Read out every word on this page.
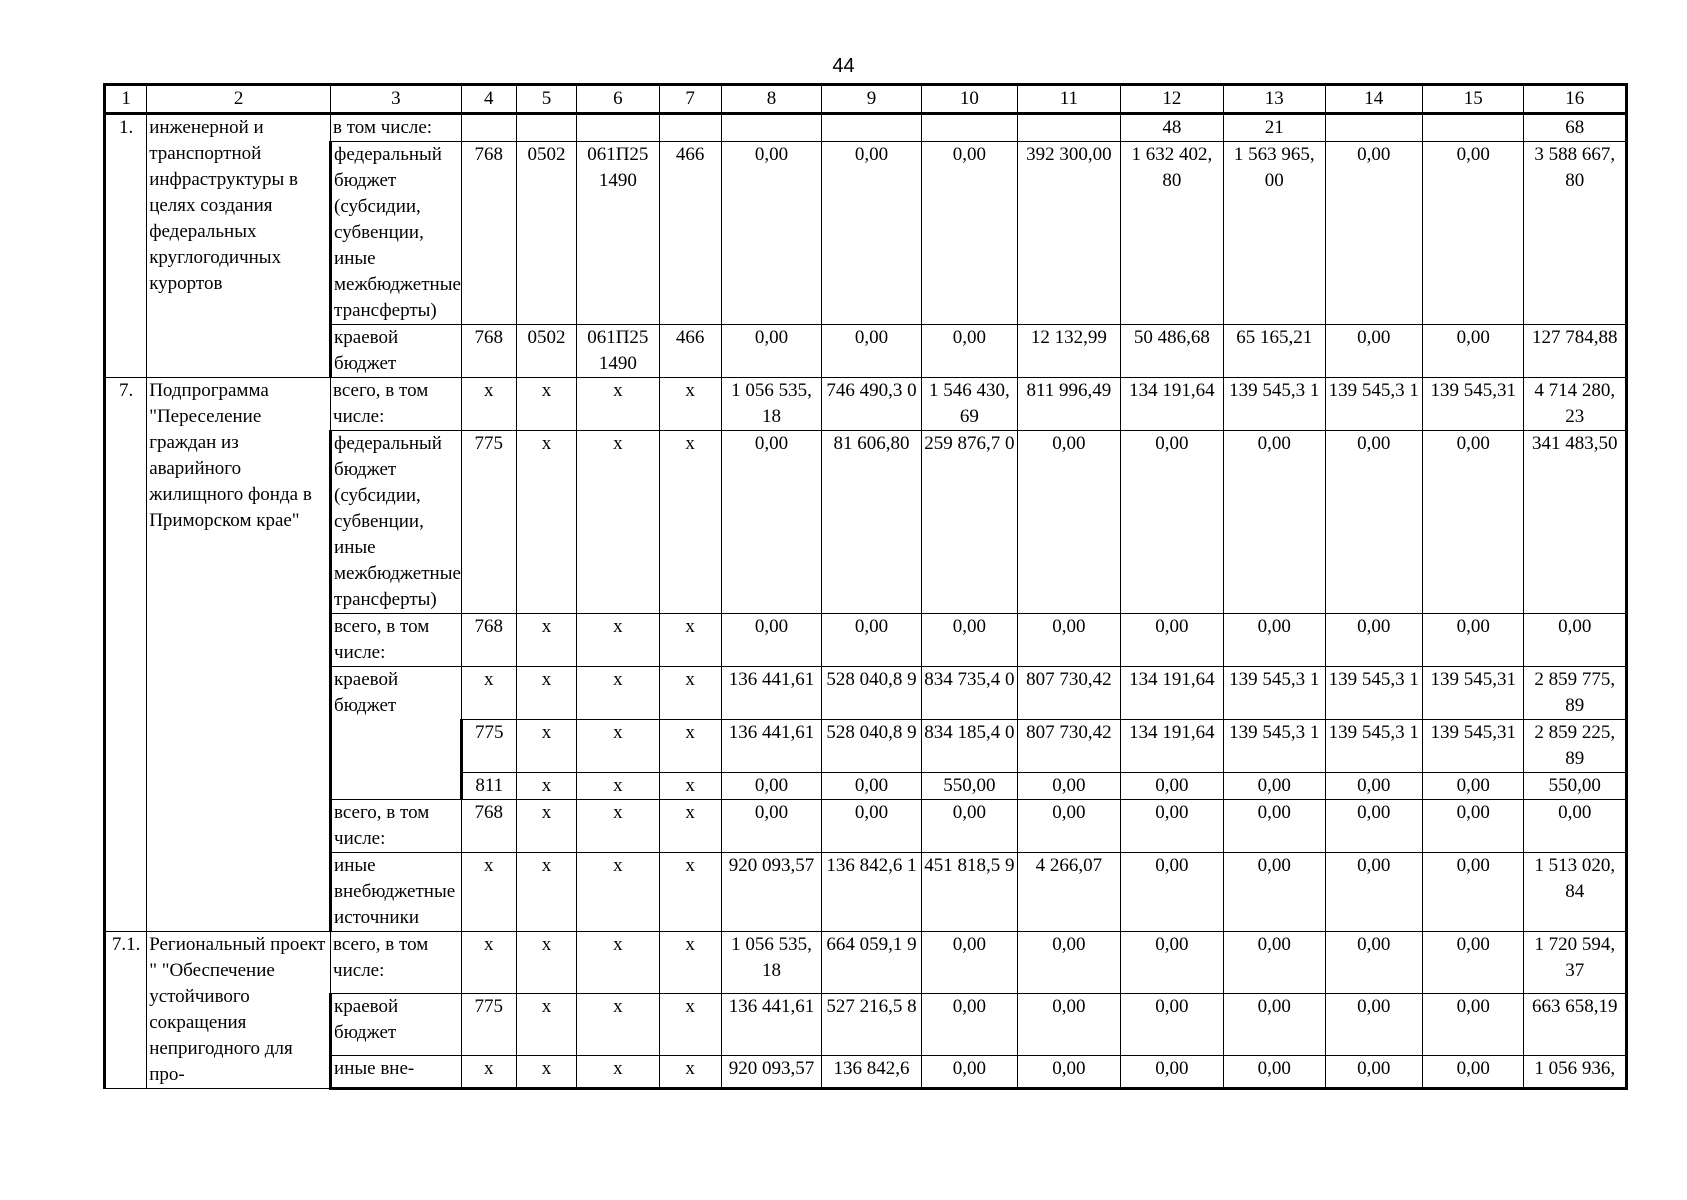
44
1	2	3	4	5	6	7	8	9	10	11	12	13	14	15	16
1.	инженерной и транспортной инфраструктуры в целях создания федеральных круглогодичных курортов	в том числе:									48	21			68
		федеральный бюджет (субсидии, субвенции, иные межбюджетные трансферты)	768	0502	061П25 1490	466	0,00	0,00	0,00	392 300,00	1 632 402, 80	1 563 965, 00	0,00	0,00	3 588 667, 80
		краевой бюджет	768	0502	061П25 1490	466	0,00	0,00	0,00	12 132,99	50 486,68	65 165,21	0,00	0,00	127 784,88
7.	Подпрограмма "Переселение граждан из аварийного жилищного фонда в Приморском крае"	всего, в том числе:	x	x	x	x	1 056 535, 18	746 490,3 0	1 546 430, 69	811 996,49	134 191,64	139 545,3 1	139 545,3 1	139 545,31	4 714 280, 23
		федеральный бюджет (субсидии, субвенции, иные межбюджетные трансферты)	775	x	x	x	0,00	81 606,80	259 876,7 0	0,00	0,00	0,00	0,00	0,00	341 483,50
		всего, в том числе:	768	x	x	x	0,00	0,00	0,00	0,00	0,00	0,00	0,00	0,00	0,00
		краевой бюджет	x	x	x	x	136 441,61	528 040,8 9	834 735,4 0	807 730,42	134 191,64	139 545,3 1	139 545,3 1	139 545,31	2 859 775, 89
			775	x	x	x	136 441,61	528 040,8 9	834 185,4 0	807 730,42	134 191,64	139 545,3 1	139 545,3 1	139 545,31	2 859 225, 89
			811	x	x	x	0,00	0,00	550,00	0,00	0,00	0,00	0,00	0,00	550,00
		всего, в том числе:	768	x	x	x	0,00	0,00	0,00	0,00	0,00	0,00	0,00	0,00	0,00
		иные внебюджетные источники	x	x	x	x	920 093,57	136 842,6 1	451 818,5 9	4 266,07	0,00	0,00	0,00	0,00	1 513 020, 84
7.1.	Региональный проект " "Обеспечение устойчивого сокращения непригодного для про-	всего, в том числе:	x	x	x	x	1 056 535, 18	664 059,1 9	0,00	0,00	0,00	0,00	0,00	0,00	1 720 594, 37
		краевой бюджет	775	x	x	x	136 441,61	527 216,5 8	0,00	0,00	0,00	0,00	0,00	0,00	663 658,19
		иные вне-	x	x	x	x	920 093,57	136 842,6	0,00	0,00	0,00	0,00	0,00	0,00	1 056 936,
